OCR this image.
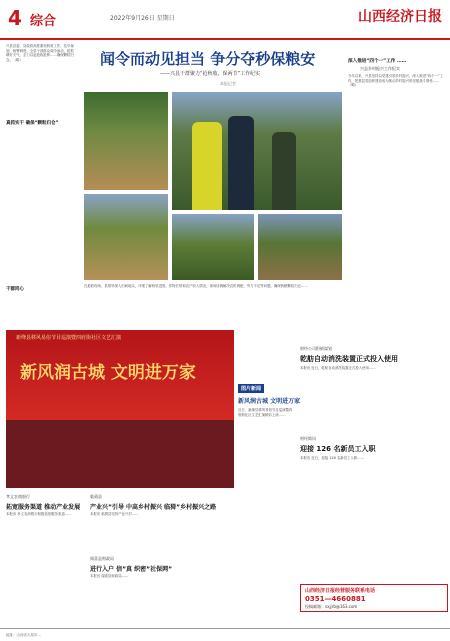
4 综合	2022年9月26日 星期日	山西经济日报
兴县县委、县政府高度重视秋收工作，及早谋划，统筹调度，全县干部群众闻令而动，抢抓晴好天气，全力以赴抢收抢种……确保颗粒归仓。（略）
真抓实干 确保“颗粒归仓”
干群同心
闻令而动见担当 争分夺秒保粮安
——兴县干群聚力“抢秋收、保两节”工作纪实
本报记者
在抢收现场，县领导深入田间地头，详细了解秋收进度、作物长势和农户收入情况，现场协调解决农机调配、劳力不足等问题，确保秋粮颗粒归仓……
深入推进“四个一”工作 ……
兴县乡村振兴工作纪实
今年以来，兴县坚持以党建引领乡村振兴，深入推进“四个一”工作，把基层党组织建设成为推动乡村振兴的坚强战斗堡垒……（略）
新绛县移风易俗节目巡演暨四府街社区文艺汇演
新风润古城 文明进万家
图片新闻
新风润古城 文明进万家
近日，新绛县移风易俗节目巡演暨四府街社区文艺汇演精彩上演……
财经公司积极谋划
乾舫自动消洗装置正式投入使用
本报讯 近日，乾舫自动消洗装置正式投入使用……
财经简讯
迎接 126 名新员工入职
本报讯 近日，迎接 126 名新员工入职……
孝义农商银行
拓宽服务渠道 推动产业发展
本报讯 孝义农商银行积极拓宽服务渠道……
临猗县
产业兴”引导 中高乡村振兴 临猗”乡村振兴之路
本报讯 临猗县坚持产业兴村……
闻喜县财政局
进行入户 信”真 织密”社保网”
本报讯 闻喜县财政局……
山西经济日报经营服务联系电话
0351—4660881
投稿邮箱：sxjjrb@163.com
地址：山西省太原市...
